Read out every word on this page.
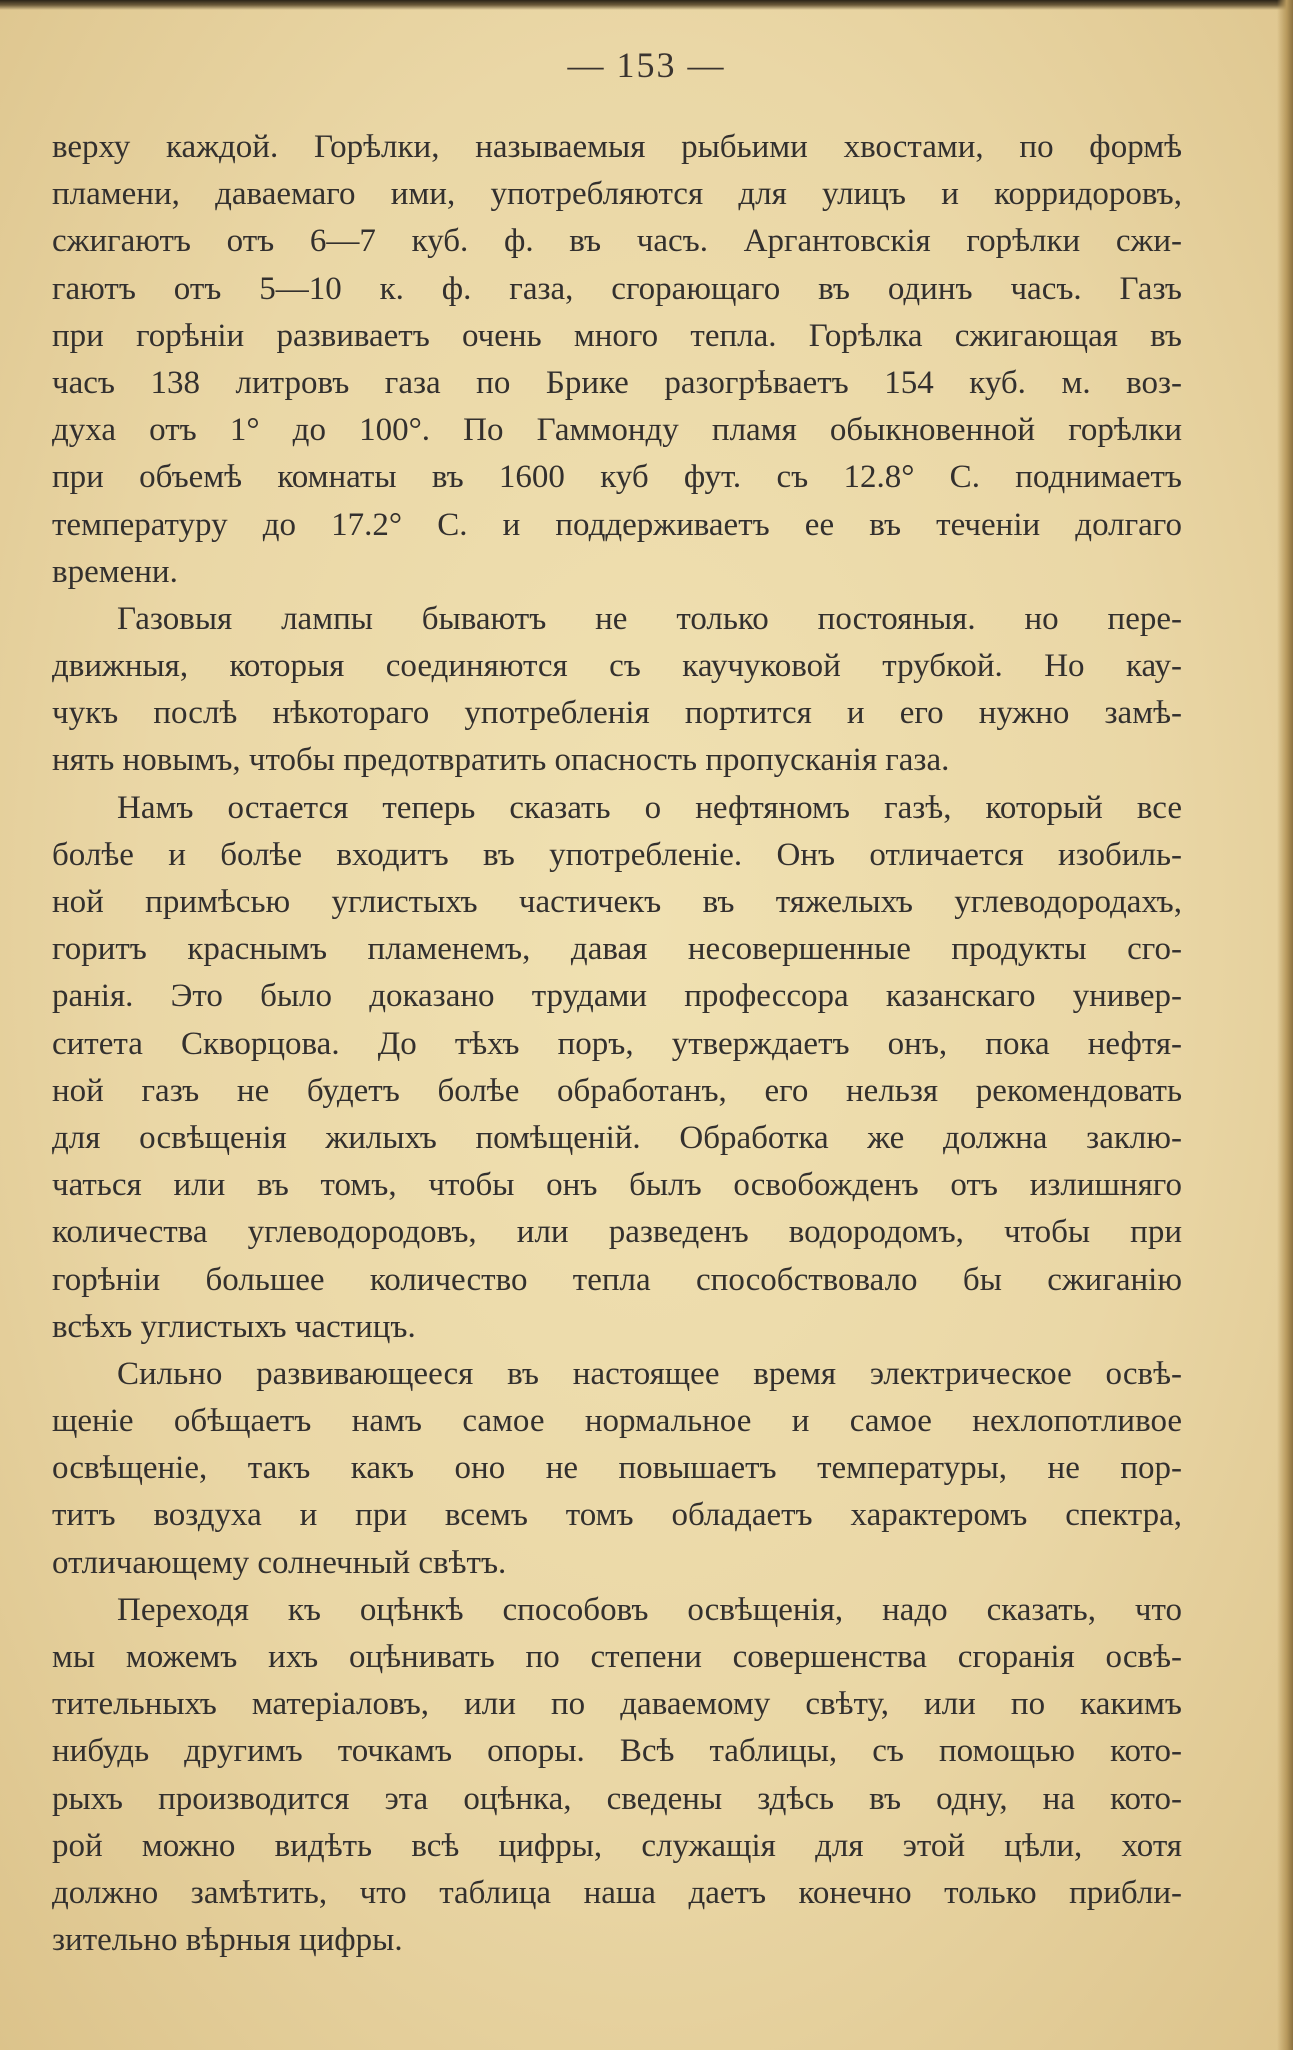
— 153 —
верху каждой. Горѣлки, называемыя рыбьими хвостами, по формѣ
пламени, даваемаго ими, употребляются для улицъ и корридоровъ,
сжигаютъ отъ 6—7 куб. ф. въ часъ. Аргантовскія горѣлки сжи-
гаютъ отъ 5—10 к. ф. газа, сгорающаго въ одинъ часъ. Газъ
при горѣніи развиваетъ очень много тепла. Горѣлка сжигающая въ
часъ 138 литровъ газа по Брике разогрѣваетъ 154 куб. м. воз-
духа отъ 1° до 100°. По Гаммонду пламя обыкновенной горѣлки
при объемѣ комнаты въ 1600 куб фут. съ 12.8° С. поднимаетъ
температуру до 17.2° С. и поддерживаетъ ее въ теченіи долгаго
времени.
Газовыя лампы бываютъ не только постояныя. но пере-
движныя, которыя соединяются съ каучуковой трубкой. Но кау-
чукъ послѣ нѣкотораго употребленія портится и его нужно замѣ-
нять новымъ, чтобы предотвратить опасность пропусканія газа.
Намъ остается теперь сказать о нефтяномъ газѣ, который все
болѣе и болѣе входитъ въ употребленіе. Онъ отличается изобиль-
ной примѣсью углистыхъ частичекъ въ тяжелыхъ углеводородахъ,
горитъ краснымъ пламенемъ, давая несовершенные продукты сго-
ранія. Это было доказано трудами профессора казанскаго универ-
ситета Скворцова. До тѣхъ поръ, утверждаетъ онъ, пока нефтя-
ной газъ не будетъ болѣе обработанъ, его нельзя рекомендовать
для освѣщенія жилыхъ помѣщеній. Обработка же должна заклю-
чаться или въ томъ, чтобы онъ былъ освобожденъ отъ излишняго
количества углеводородовъ, или разведенъ водородомъ, чтобы при
горѣніи большее количество тепла способствовало бы сжиганію
всѣхъ углистыхъ частицъ.
Сильно развивающееся въ настоящее время электрическое освѣ-
щеніе обѣщаетъ намъ самое нормальное и самое нехлопотливое
освѣщеніе, такъ какъ оно не повышаетъ температуры, не пор-
титъ воздуха и при всемъ томъ обладаетъ характеромъ спектра,
отличающему солнечный свѣтъ.
Переходя къ оцѣнкѣ способовъ освѣщенія, надо сказать, что
мы можемъ ихъ оцѣнивать по степени совершенства сгоранія освѣ-
тительныхъ матеріаловъ, или по даваемому свѣту, или по какимъ
нибудь другимъ точкамъ опоры. Всѣ таблицы, съ помощью кото-
рыхъ производится эта оцѣнка, сведены здѣсь въ одну, на кото-
рой можно видѣть всѣ цифры, служащія для этой цѣли, хотя
должно замѣтить, что таблица наша даетъ конечно только прибли-
зительно вѣрныя цифры.
